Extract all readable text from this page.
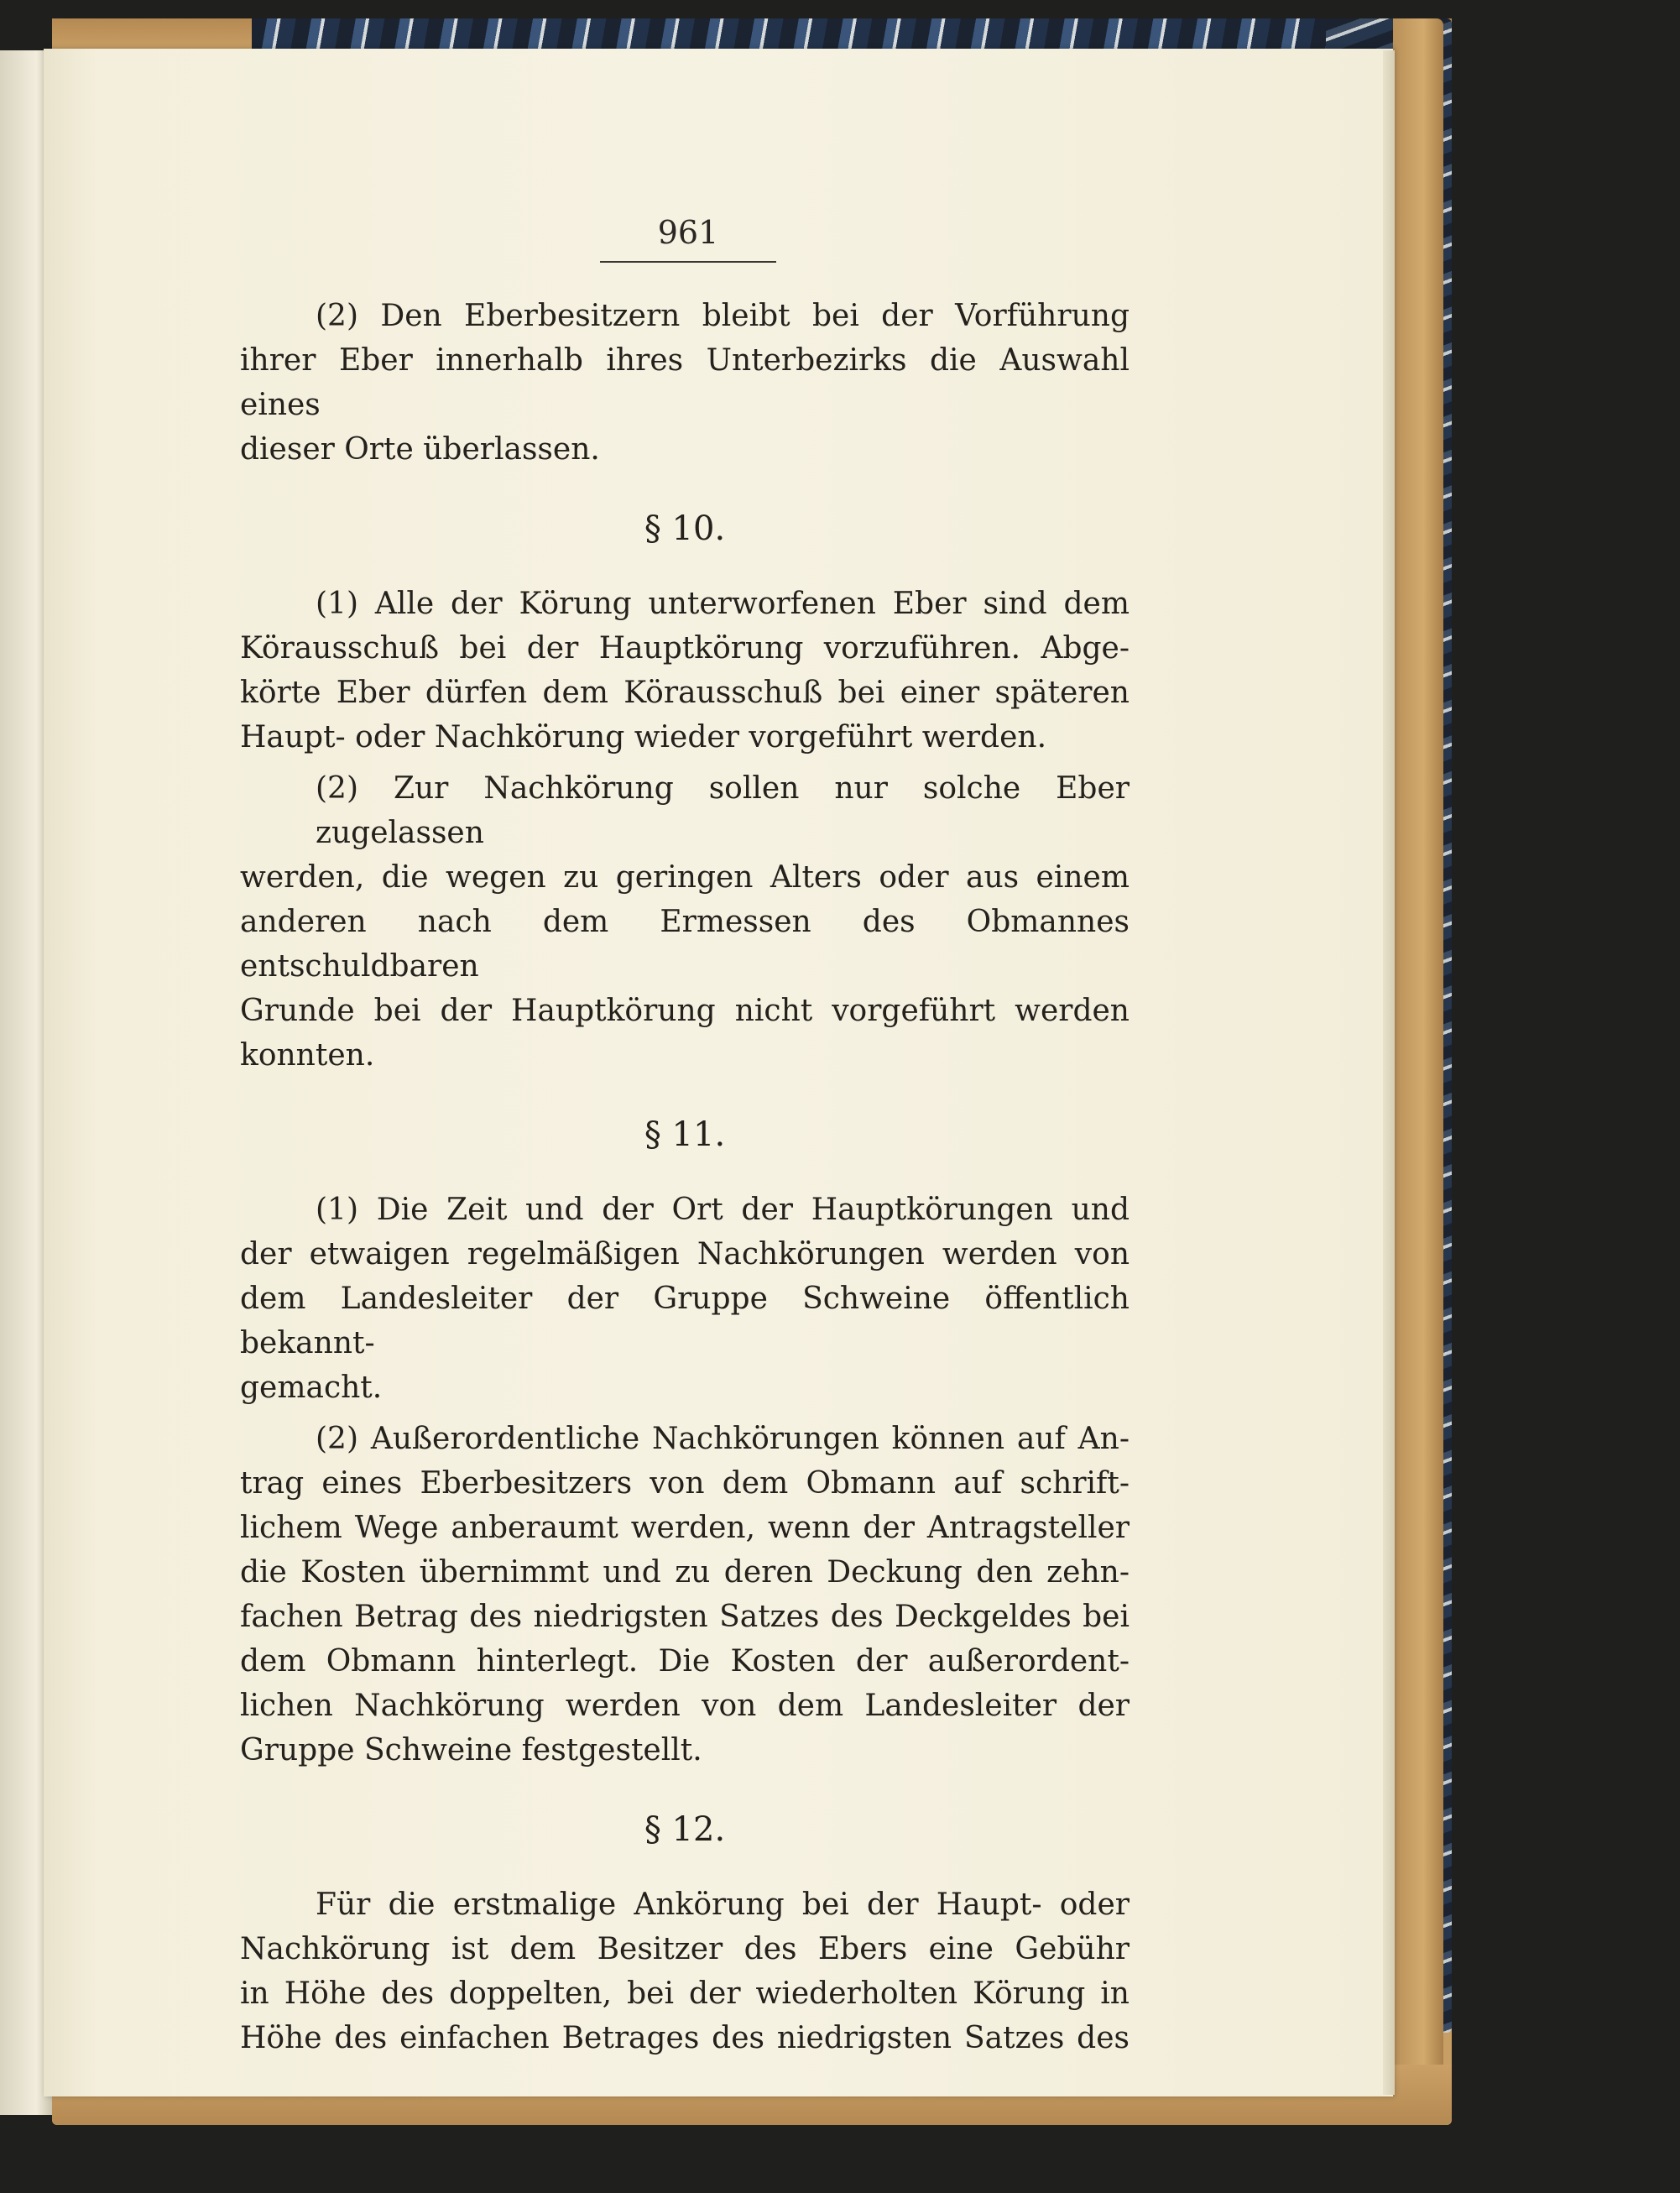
961
(2) Den Eberbesitzern bleibt bei der Vorführung
ihrer Eber innerhalb ihres Unterbezirks die Auswahl eines
dieser Orte überlassen.
§ 10.
(1) Alle der Körung unterworfenen Eber sind dem
Körausschuß bei der Hauptkörung vorzuführen. Abge-
körte Eber dürfen dem Körausschuß bei einer späteren
Haupt- oder Nachkörung wieder vorgeführt werden.
(2) Zur Nachkörung sollen nur solche Eber zugelassen
werden, die wegen zu geringen Alters oder aus einem
anderen nach dem Ermessen des Obmannes entschuldbaren
Grunde bei der Hauptkörung nicht vorgeführt werden
konnten.
§ 11.
(1) Die Zeit und der Ort der Hauptkörungen und
der etwaigen regelmäßigen Nachkörungen werden von
dem Landesleiter der Gruppe Schweine öffentlich bekannt-
gemacht.
(2) Außerordentliche Nachkörungen können auf An-
trag eines Eberbesitzers von dem Obmann auf schrift-
lichem Wege anberaumt werden, wenn der Antragsteller
die Kosten übernimmt und zu deren Deckung den zehn-
fachen Betrag des niedrigsten Satzes des Deckgeldes bei
dem Obmann hinterlegt. Die Kosten der außerordent-
lichen Nachkörung werden von dem Landesleiter der
Gruppe Schweine festgestellt.
§ 12.
Für die erstmalige Ankörung bei der Haupt- oder
Nachkörung ist dem Besitzer des Ebers eine Gebühr
in Höhe des doppelten, bei der wiederholten Körung in
Höhe des einfachen Betrages des niedrigsten Satzes des
